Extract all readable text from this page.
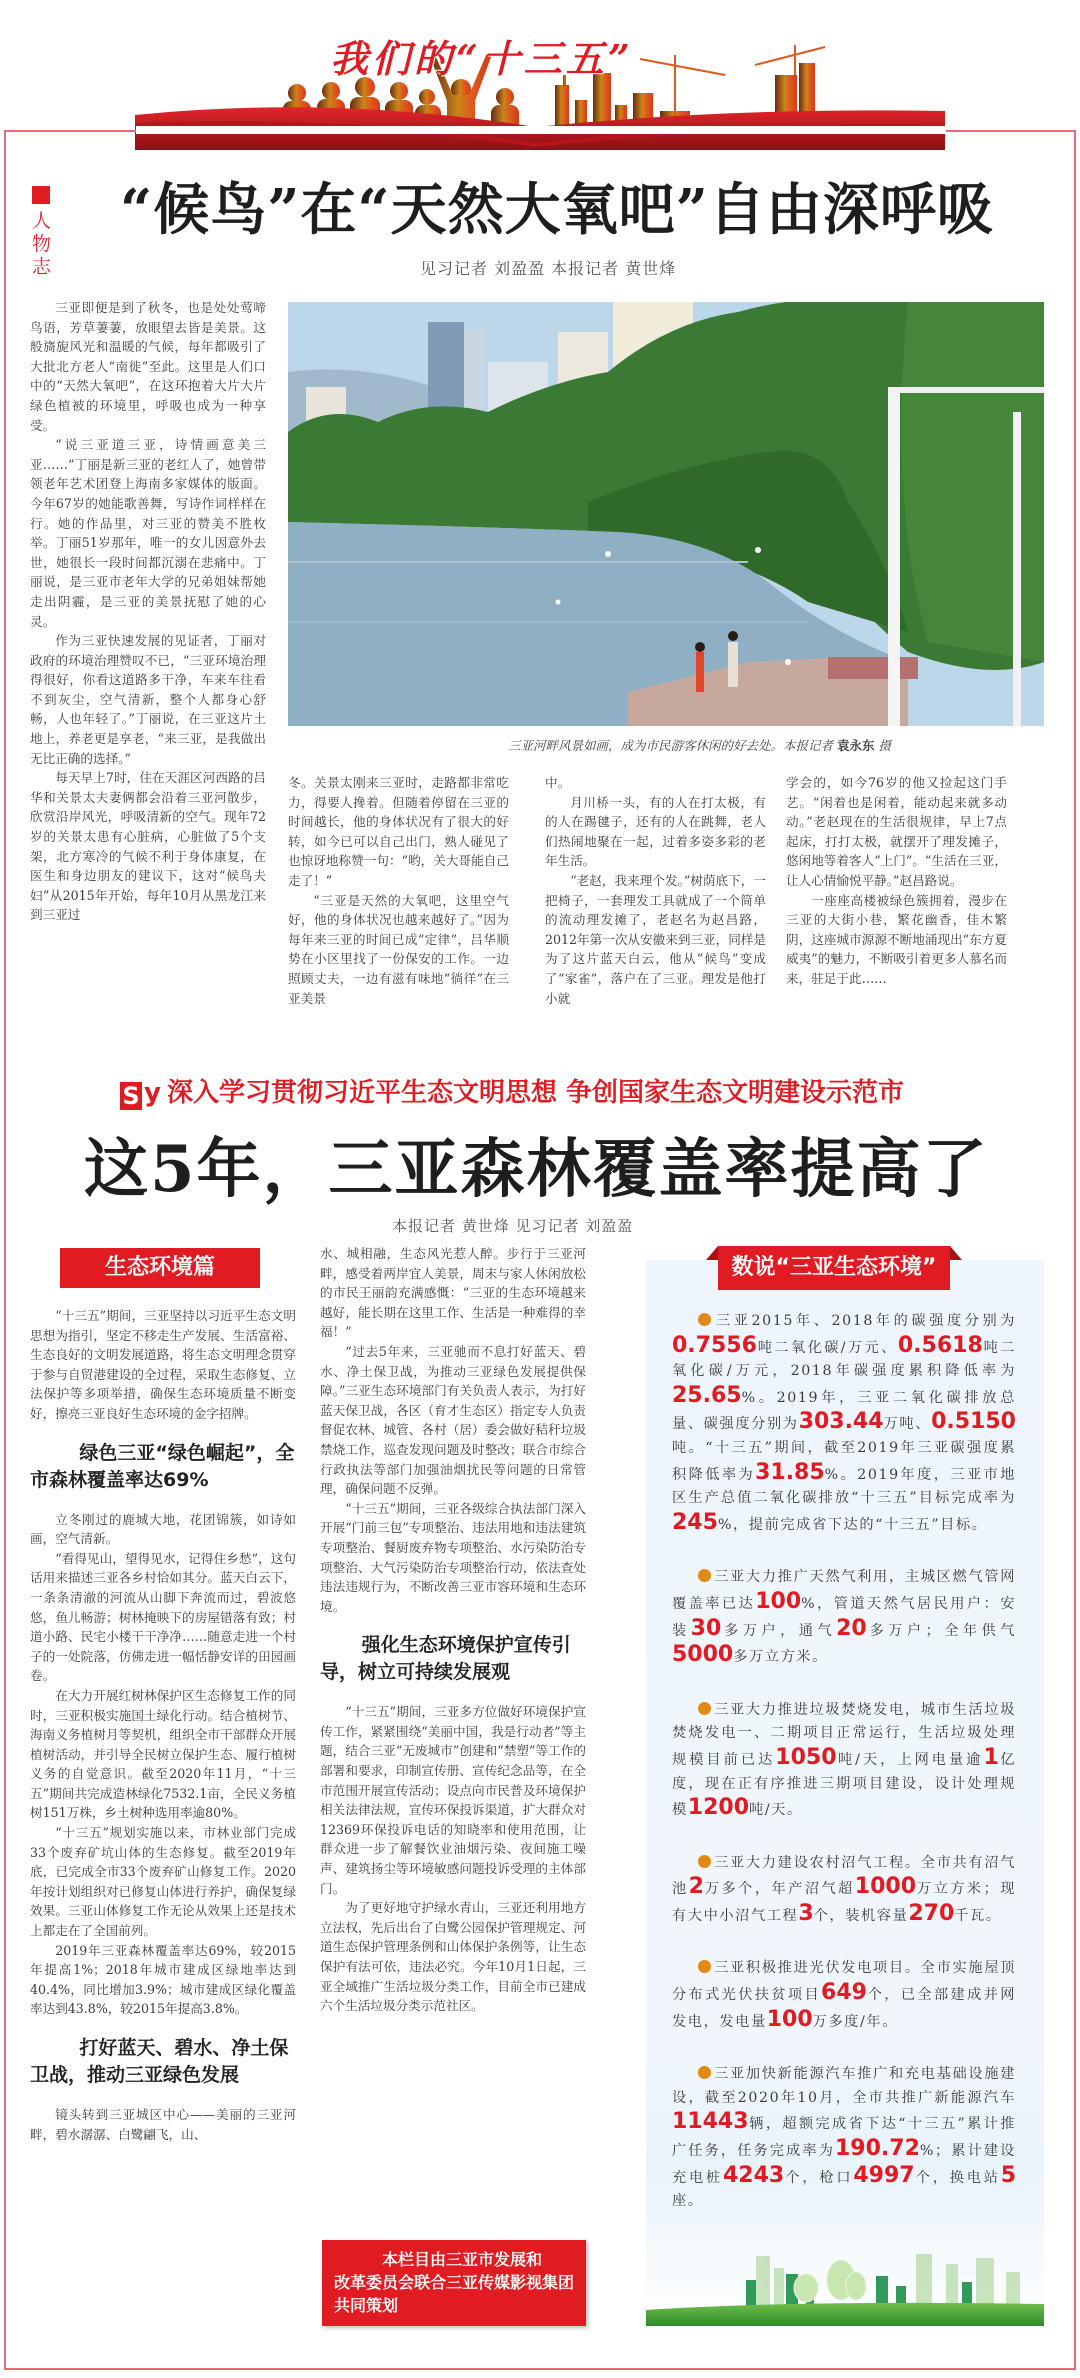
我们的“十三五”
人物志
“候鸟”在“天然大氧吧”自由深呼吸
见习记者 刘盈盈 本报记者 黄世烽

三亚即便是到了秋冬，也是处处莺啼鸟语，芳草萋萋，放眼望去皆是美景。这般旖旎风光和温暖的气候，每年都吸引了大批北方老人“南徙”至此。这里是人们口中的“天然大氧吧”，在这环抱着大片大片绿色植被的环境里，呼吸也成为一种享受。

“说三亚道三亚，诗情画意美三亚……”丁丽是新三亚的老红人了，她曾带领老年艺术团登上海南多家媒体的版面。今年67岁的她能歌善舞，写诗作词样样在行。她的作品里，对三亚的赞美不胜枚举。丁丽51岁那年，唯一的女儿因意外去世，她很长一段时间都沉溺在悲痛中。丁丽说，是三亚市老年大学的兄弟姐妹帮她走出阴霾，是三亚的美景抚慰了她的心灵。

作为三亚快速发展的见证者，丁丽对政府的环境治理赞叹不已，“三亚环境治理得很好，你看这道路多干净，车来车往看不到灰尘，空气清新，整个人都身心舒畅，人也年轻了。”丁丽说，在三亚这片土地上，养老更是享老，“来三亚，是我做出无比正确的选择。”

每天早上7时，住在天涯区河西路的吕华和关景太夫妻俩都会沿着三亚河散步，欣赏沿岸风光，呼吸清新的空气。现年72岁的关景太患有心脏病，心脏做了5个支架，北方寒冷的气候不利于身体康复，在医生和身边朋友的建议下，这对“候鸟夫妇”从2015年开始，每年10月从黑龙江来到三亚过

三亚河畔风景如画，成为市民游客休闲的好去处。本报记者 袁永东 摄

冬。关景太刚来三亚时，走路都非常吃力，得要人搀着。但随着停留在三亚的时间越长，他的身体状况有了很大的好转，如今已可以自己出门，熟人碰见了也惊讶地称赞一句：“哟，关大哥能自己走了！”

“三亚是天然的大氧吧，这里空气好，他的身体状况也越来越好了。”因为每年来三亚的时间已成“定律”，吕华顺势在小区里找了一份保安的工作。一边照顾丈夫，一边有滋有味地“徜徉”在三亚美景

中。

月川桥一头，有的人在打太极，有的人在踢毽子，还有的人在跳舞，老人们热闹地聚在一起，过着多姿多彩的老年生活。

“老赵，我来理个发。”树荫底下，一把椅子，一套理发工具就成了一个简单的流动理发摊了，老赵名为赵昌路，2012年第一次从安徽来到三亚，同样是为了这片蓝天白云，他从“候鸟”变成了“家雀”，落户在了三亚。理发是他打小就

学会的，如今76岁的他又捡起这门手艺。“闲着也是闲着，能动起来就多动动。”老赵现在的生活很规律，早上7点起床，打打太极，就摆开了理发摊子，悠闲地等着客人“上门”。“生活在三亚，让人心情愉悦平静。”赵昌路说。

一座座高楼被绿色簇拥着，漫步在三亚的大街小巷，繁花幽香，佳木繁阴，这座城市源源不断地涌现出“东方夏威夷”的魅力，不断吸引着更多人慕名而来，驻足于此……

S y 深入学习贯彻习近平生态文明思想 争创国家生态文明建设示范市
这5年，三亚森林覆盖率提高了
本报记者 黄世烽 见习记者 刘盈盈
生态环境篇

“十三五”期间，三亚坚持以习近平生态文明思想为指引，坚定不移走生产发展、生活富裕、生态良好的文明发展道路，将生态文明理念贯穿于参与自贸港建设的全过程，采取生态修复、立法保护等多项举措，确保生态环境质量不断变好，擦亮三亚良好生态环境的金字招牌。

绿色三亚“绿色崛起”，全市森林覆盖率达69%

立冬刚过的鹿城大地，花团锦簇，如诗如画，空气清新。

“看得见山，望得见水，记得住乡愁”，这句话用来描述三亚各乡村恰如其分。蓝天白云下，一条条清澈的河流从山脚下奔流而过，碧波悠悠，鱼儿畅游；树林掩映下的房屋错落有致；村道小路、民宅小楼干干净净……随意走进一个村子的一处院落，仿佛走进一幅恬静安详的田园画卷。

在大力开展红树林保护区生态修复工作的同时，三亚积极实施国土绿化行动。结合植树节、海南义务植树月等契机，组织全市干部群众开展植树活动，并引导全民树立保护生态、履行植树义务的自觉意识。截至2020年11月，“十三五”期间共完成造林绿化7532.1亩，全民义务植树151万株，乡土树种选用率逾80%。

“十三五”规划实施以来，市林业部门完成33个废弃矿坑山体的生态修复。截至2019年底，已完成全市33个废弃矿山修复工作。2020年按计划组织对已修复山体进行养护，确保复绿效果。三亚山体修复工作无论从效果上还是技术上都走在了全国前列。

2019年三亚森林覆盖率达69%，较2015年提高1%；2018年城市建成区绿地率达到40.4%，同比增加3.9%；城市建成区绿化覆盖率达到43.8%，较2015年提高3.8%。

打好蓝天、碧水、净土保卫战，推动三亚绿色发展

镜头转到三亚城区中心——美丽的三亚河畔，碧水潺潺、白鹭翩飞，山、

水、城相融，生态风光惹人醉。步行于三亚河畔，感受着两岸宜人美景，周末与家人休闲放松的市民王丽韵充满感慨：“三亚的生态环境越来越好，能长期在这里工作、生活是一种难得的幸福！”

“过去5年来，三亚驰而不息打好蓝天、碧水、净土保卫战，为推动三亚绿色发展提供保障。”三亚生态环境部门有关负责人表示，为打好蓝天保卫战，各区（育才生态区）指定专人负责督促农林、城管、各村（居）委会做好秸秆垃圾禁烧工作，巡查发现问题及时整改；联合市综合行政执法等部门加强油烟扰民等问题的日常管理，确保问题不反弹。

“十三五”期间，三亚各级综合执法部门深入开展“门前三包”专项整治、违法用地和违法建筑专项整治、餐厨废弃物专项整治、水污染防治专项整治、大气污染防治专项整治行动，依法查处违法违规行为，不断改善三亚市容环境和生态环境。

强化生态环境保护宣传引导，树立可持续发展观

“十三五”期间，三亚多方位做好环境保护宣传工作，紧紧围绕“美丽中国，我是行动者”等主题，结合三亚“无废城市”创建和“禁塑”等工作的部署和要求，印制宣传册、宣传纪念品等，在全市范围开展宣传活动；设点向市民普及环境保护相关法律法规，宣传环保投诉渠道，扩大群众对12369环保投诉电话的知晓率和使用范围，让群众进一步了解餐饮业油烟污染、夜间施工噪声、建筑扬尘等环境敏感问题投诉受理的主体部门。

为了更好地守护绿水青山，三亚还利用地方立法权，先后出台了白鹭公园保护管理规定、河道生态保护管理条例和山体保护条例等，让生态保护有法可依，违法必究。今年10月1日起，三亚全域推广生活垃圾分类工作，目前全市已建成六个生活垃圾分类示范社区。

本栏目由三亚市发展和
改革委员会联合三亚传媒影视集团共同策划
数说“三亚生态环境”
三亚2015年、2018年的碳强度分别为0.7556吨二氧化碳/万元、0.5618吨二氧化碳/万元，2018年碳强度累积降低率为25.65%。2019年，三亚二氧化碳排放总量、碳强度分别为303.44万吨、0.5150吨。“十三五”期间，截至2019年三亚碳强度累积降低率为31.85%。2019年度，三亚市地区生产总值二氧化碳排放“十三五”目标完成率为245%，提前完成省下达的“十三五”目标。
三亚大力推广天然气利用，主城区燃气管网覆盖率已达100%，管道天然气居民用户：安装30多万户，通气20多万户；全年供气5000多万立方米。
三亚大力推进垃圾焚烧发电，城市生活垃圾焚烧发电一、二期项目正常运行，生活垃圾处理规模目前已达1050吨/天，上网电量逾1亿度，现在正有序推进三期项目建设，设计处理规模1200吨/天。
三亚大力建设农村沼气工程。全市共有沼气池2万多个，年产沼气超1000万立方米；现有大中小沼气工程3个，装机容量270千瓦。
三亚积极推进光伏发电项目。全市实施屋顶分布式光伏扶贫项目649个，已全部建成并网发电，发电量100万多度/年。
三亚加快新能源汽车推广和充电基础设施建设，截至2020年10月，全市共推广新能源汽车11443辆，超额完成省下达“十三五”累计推广任务，任务完成率为190.72%；累计建设充电桩4243个，枪口4997个，换电站5座。
